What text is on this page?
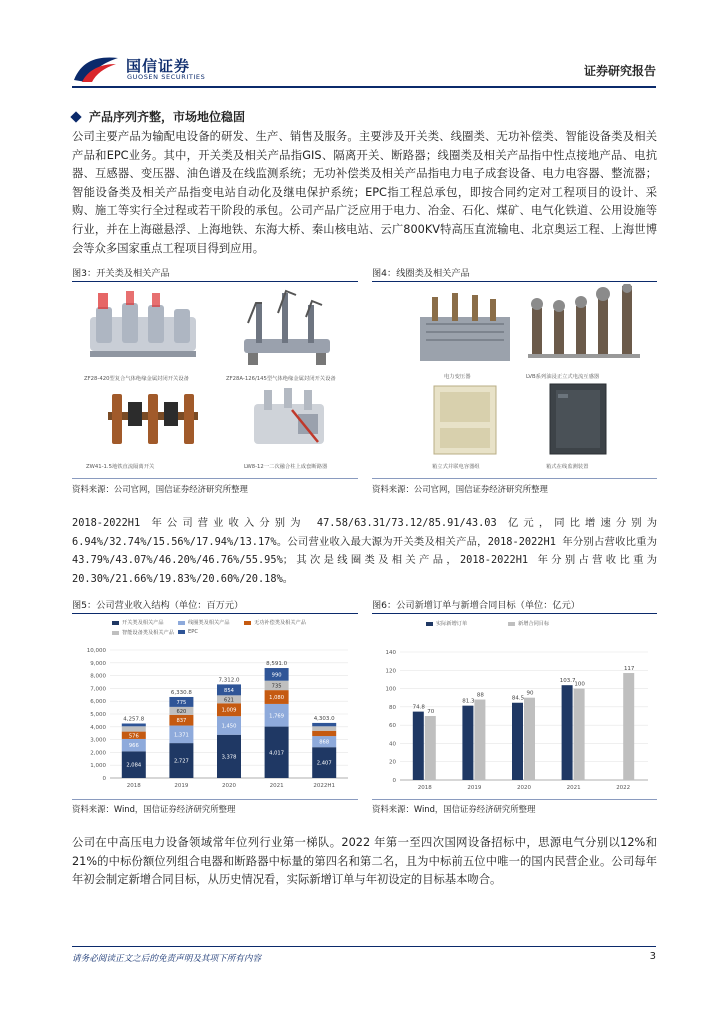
国信证券
GUOSEN SECURITIES	证券研究报告
产品序列齐整，市场地位稳固
公司主要产品为输配电设备的研发、生产、销售及服务。主要涉及开关类、线圈类、无功补偿类、智能设备类及相关产品和EPC业务。其中，开关类及相关产品指GIS、隔离开关、断路器；线圈类及相关产品指中性点接地产品、电抗器、互感器、变压器、油色谱及在线监测系统；无功补偿类及相关产品指电力电子成套设备、电力电容器、整流器；智能设备类及相关产品指变电站自动化及继电保护系统；EPC指工程总承包，即按合同约定对工程项目的设计、采购、施工等实行全过程或若干阶段的承包。公司产品广泛应用于电力、冶金、石化、煤矿、电气化铁道、公用设施等行业，并在上海磁悬浮、上海地铁、东海大桥、秦山核电站、云广800KV特高压直流输电、北京奥运工程、上海世博会等众多国家重点工程项目得到应用。
图3：开关类及相关产品
ZF28-420型复合气体绝缘金属封闭开关设备	ZF28A-126/145型气体绝缘金属封闭开关设备
ZW41-1.5地铁直流隔离开关	LW8-12一二次融合柱上成套断路器
资料来源：公司官网，国信证券经济研究所整理
图4：线圈类及相关产品
电力变压器	LVB系列油浸正立式电流互感器
箱立式并联电容器组	箱式在线监测装置
资料来源：公司官网，国信证券经济研究所整理
2018-2022H1 年公司营业收入分别为 47.58/63.31/73.12/85.91/43.03 亿元，同比增速分别为 6.94%/32.74%/15.56%/17.94%/13.17%。公司营业收入最大源为开关类及相关产品，2018-2022H1 年分别占营收比重为 43.79%/43.07%/46.20%/46.76%/55.95%；其次是线圈类及相关产品，2018-2022H1 年分别占营收比重为 20.30%/21.66%/19.83%/20.60%/20.18%。
图5：公司营业收入结构（单位：百万元）
开关类及相关产品	线圈类及相关产品	无功补偿类及相关产品
智能设备类及相关产品	EPC
0
1,000
2,000
3,000
4,000
5,000
6,000
7,000
8,000
9,000
10,000
2,084
966
576
4,257.8
2018
2,727
1,371
837
620
775
6,330.8
2019
3,378
1,450
1,009
621
854
7,312.0
2020
4,017
1,769
1,080
735
990
8,591.0
2021
2,407
868
4,303.0
2022H1
资料来源：Wind，国信证券经济研究所整理
图6：公司新增订单与新增合同目标（单位：亿元）
实际新增订单	新增合同目标
0
20
40
60
80
100
120
140
74.8
70
2018
81.3
88
2019
84.5
90
2020
103.7
100
2021
117
2022
资料来源：Wind，国信证券经济研究所整理
公司在中高压电力设备领域常年位列行业第一梯队。2022 年第一至四次国网设备招标中，思源电气分别以12%和21%的中标份额位列组合电器和断路器中标量的第四名和第二名，且为中标前五位中唯一的国内民营企业。公司每年年初会制定新增合同目标，从历史情况看，实际新增订单与年初设定的目标基本吻合。
请务必阅读正文之后的免责声明及其项下所有内容	3
